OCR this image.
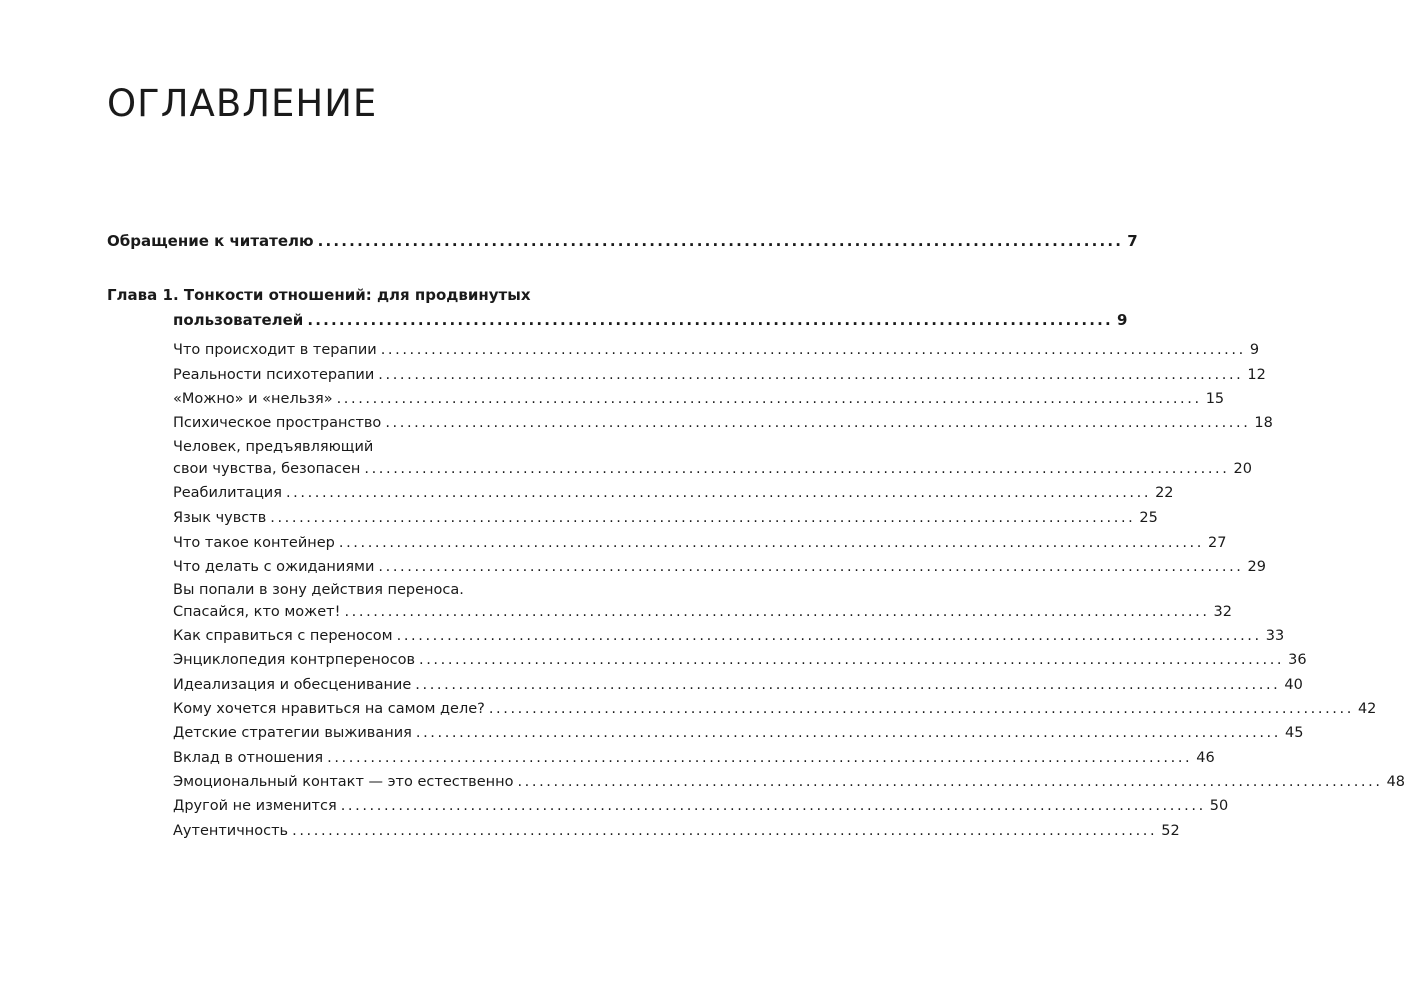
ОГЛАВЛЕНИЕ
Обращение к читателю ...................................................................................................... 7
Глава 1. Тонкости отношений: для продвинутых
пользователей ...................................................................................................... 9
Что происходит в терапии ........................................................................................................................ 9
Реальности психотерапии ........................................................................................................................ 12
«Можно» и «нельзя» ........................................................................................................................ 15
Психическое пространство ........................................................................................................................ 18
Человек, предъявляющий
свои чувства, безопасен ........................................................................................................................ 20
Реабилитация ........................................................................................................................ 22
Язык чувств ........................................................................................................................ 25
Что такое контейнер ........................................................................................................................ 27
Что делать с ожиданиями ........................................................................................................................ 29
Вы попали в зону действия переноса.
Спасайся, кто может! ........................................................................................................................ 32
Как справиться с переносом ........................................................................................................................ 33
Энциклопедия контрпереносов ........................................................................................................................ 36
Идеализация и обесценивание ........................................................................................................................ 40
Кому хочется нравиться на самом деле? ........................................................................................................................ 42
Детские стратегии выживания ........................................................................................................................ 45
Вклад в отношения ........................................................................................................................ 46
Эмоциональный контакт — это естественно ........................................................................................................................ 48
Другой не изменится ........................................................................................................................ 50
Аутентичность ........................................................................................................................ 52
